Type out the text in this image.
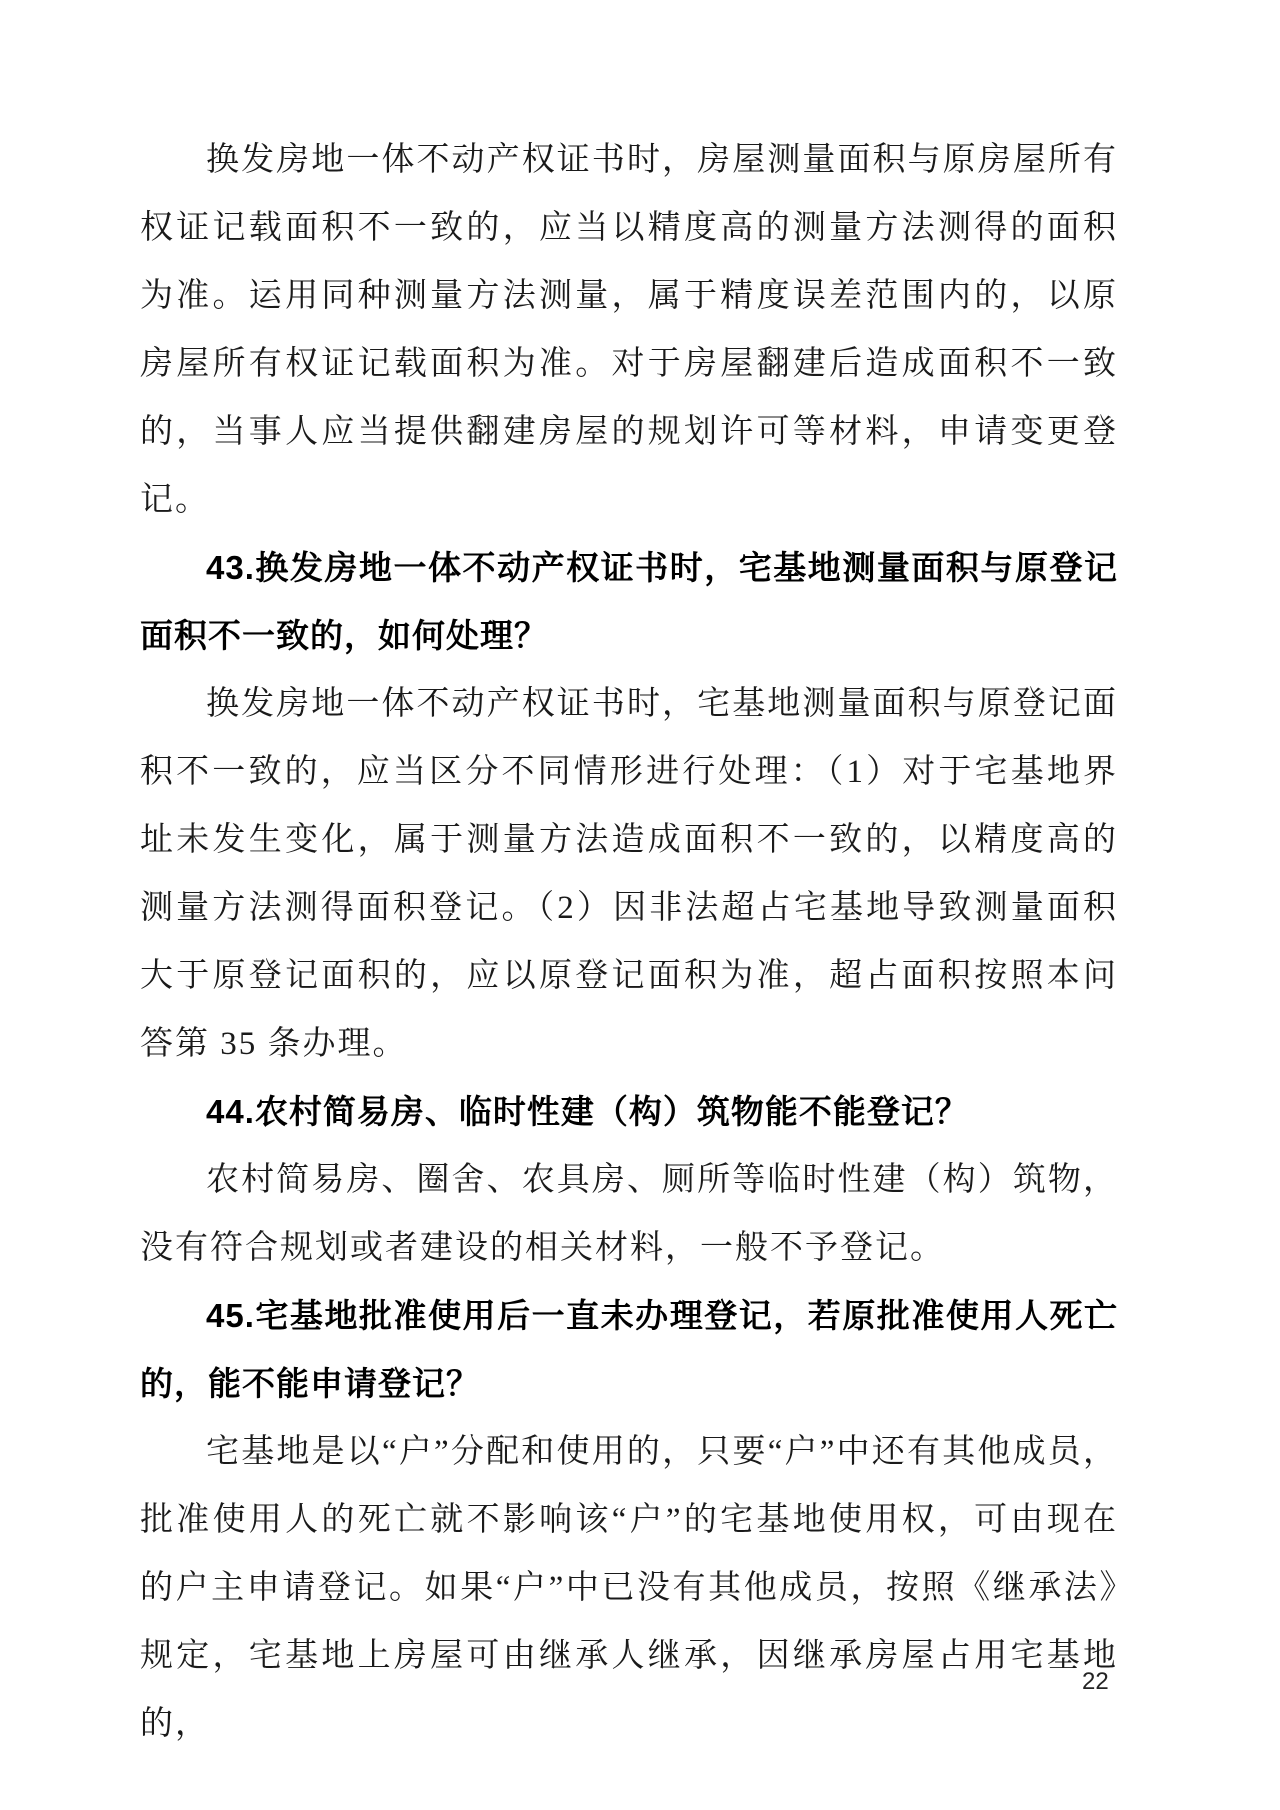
换发房地一体不动产权证书时，房屋测量面积与原房屋所有权证记载面积不一致的，应当以精度高的测量方法测得的面积为准。运用同种测量方法测量，属于精度误差范围内的，以原房屋所有权证记载面积为准。对于房屋翻建后造成面积不一致的，当事人应当提供翻建房屋的规划许可等材料，申请变更登记。

43.换发房地一体不动产权证书时，宅基地测量面积与原登记面积不一致的，如何处理？

换发房地一体不动产权证书时，宅基地测量面积与原登记面积不一致的，应当区分不同情形进行处理：（1）对于宅基地界址未发生变化，属于测量方法造成面积不一致的，以精度高的测量方法测得面积登记。（2）因非法超占宅基地导致测量面积大于原登记面积的，应以原登记面积为准，超占面积按照本问答第 35 条办理。

44.农村简易房、临时性建（构）筑物能不能登记？

农村简易房、圈舍、农具房、厕所等临时性建（构）筑物，没有符合规划或者建设的相关材料，一般不予登记。

45.宅基地批准使用后一直未办理登记，若原批准使用人死亡的，能不能申请登记？

宅基地是以“户”分配和使用的，只要“户”中还有其他成员，批准使用人的死亡就不影响该“户”的宅基地使用权，可由现在的户主申请登记。如果“户”中已没有其他成员，按照《继承法》规定，宅基地上房屋可由继承人继承，因继承房屋占用宅基地的，

22
